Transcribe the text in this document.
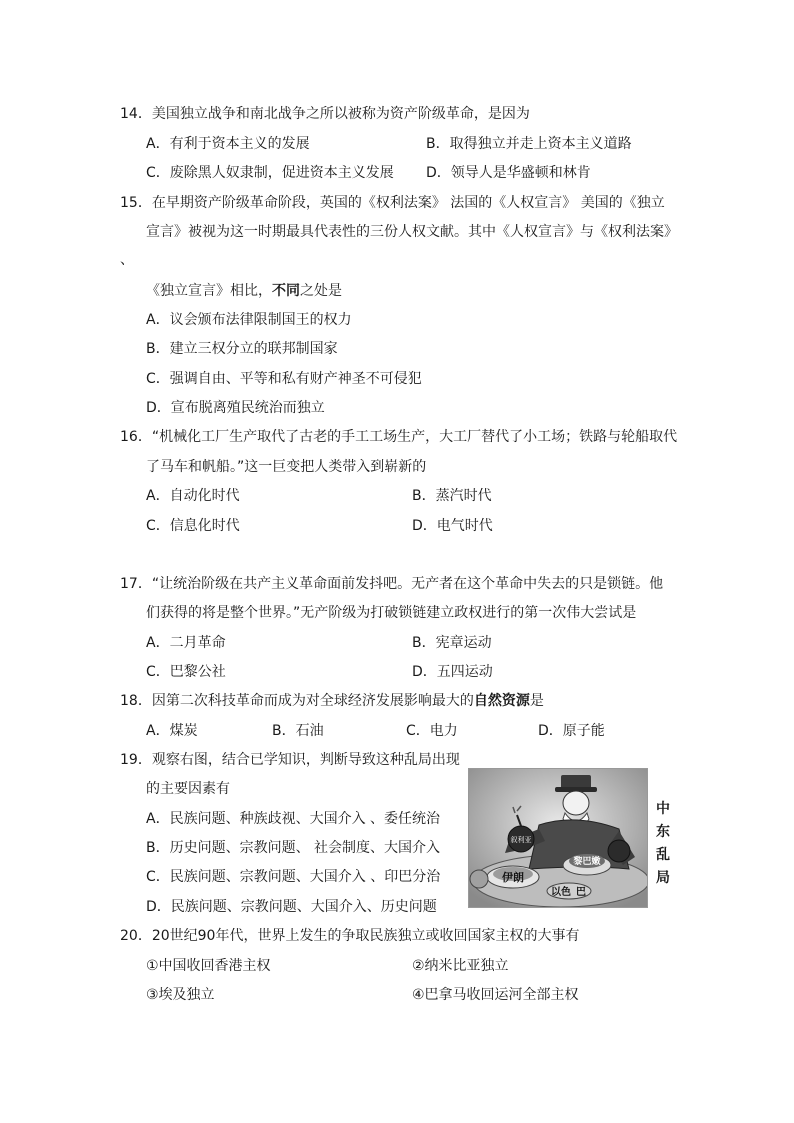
14．美国独立战争和南北战争之所以被称为资产阶级革命，是因为
A．有利于资本主义的发展	B．取得独立并走上资本主义道路
C．废除黑人奴隶制，促进资本主义发展 D．领导人是华盛顿和林肯
15．在早期资产阶级革命阶段，英国的《权利法案》 法国的《人权宣言》 美国的《独立
宣言》被视为这一时期最具代表性的三份人权文献。其中《人权宣言》与《权利法案》
、
《独立宣言》相比，不同之处是
A．议会颁布法律限制国王的权力
B．建立三权分立的联邦制国家
C．强调自由、平等和私有财产神圣不可侵犯
D．宣布脱离殖民统治而独立
16．“机械化工厂生产取代了古老的手工工场生产，大工厂替代了小工场；铁路与轮船取代
了马车和帆船。”这一巨变把人类带入到崭新的
A．自动化时代	B．蒸汽时代
C．信息化时代	D．电气时代
17．“让统治阶级在共产主义革命面前发抖吧。无产者在这个革命中失去的只是锁链。他
们获得的将是整个世界。”无产阶级为打破锁链建立政权进行的第一次伟大尝试是
A．二月革命	B．宪章运动
C．巴黎公社	D．五四运动
18．因第二次科技革命而成为对全球经济发展影响最大的自然资源是
A．煤炭	B．石油	C．电力	D．原子能
19．观察右图，结合已学知识，判断导致这种乱局出现
的主要因素有
A．民族问题、种族歧视、大国介入 、委任统治
B．历史问题、宗教问题、 社会制度、大国介入
C．民族问题、宗教问题、大国介入 、印巴分治
D．民族问题、宗教问题、大国介入、历史问题
伊朗
叙利亚
黎巴嫩
以色 巴
中东乱局
20．20世纪90年代，世界上发生的争取民族独立或收回国家主权的大事有
①中国收回香港主权	②纳米比亚独立
③埃及独立	④巴拿马收回运河全部主权
